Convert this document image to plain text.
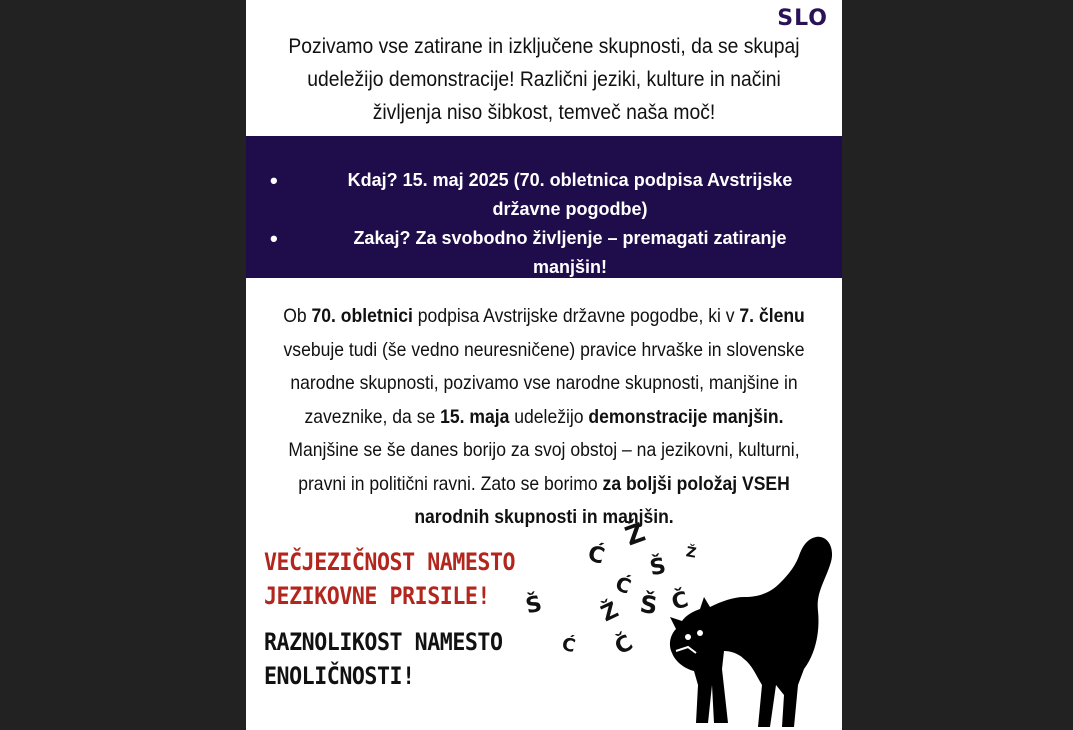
SLO
Pozivamo vse zatirane in izključene skupnosti, da se skupaj udeležijo demonstracije! Različni jeziki, kulture in načini življenja niso šibkost, temveč naša moč!
•	Kdaj? 15. maj 2025 (70. obletnica podpisa Avstrijske državne pogodbe)
•	Zakaj? Za svobodno življenje – premagati zatiranje manjšin!
Ob 70. obletnici podpisa Avstrijske državne pogodbe, ki v 7. členu vsebuje tudi (še vedno neuresničene) pravice hrvaške in slovenske narodne skupnosti, pozivamo vse narodne skupnosti, manjšine in zaveznike, da se 15. maja udeležijo demonstracije manjšin.
Manjšine se še danes borijo za svoj obstoj – na jezikovni, kulturni, pravni in politični ravni. Zato se borimo za boljši položaj VSEH narodnih skupnosti in manjšin.
VEČJEZIČNOST NAMESTO
JEZIKOVNE PRISILE!
RAZNOLIKOST NAMESTO
ENOLIČNOSTI!
Ž
Ć	Ž
Š
Ć
Š Ž Š Č
Ć Č
